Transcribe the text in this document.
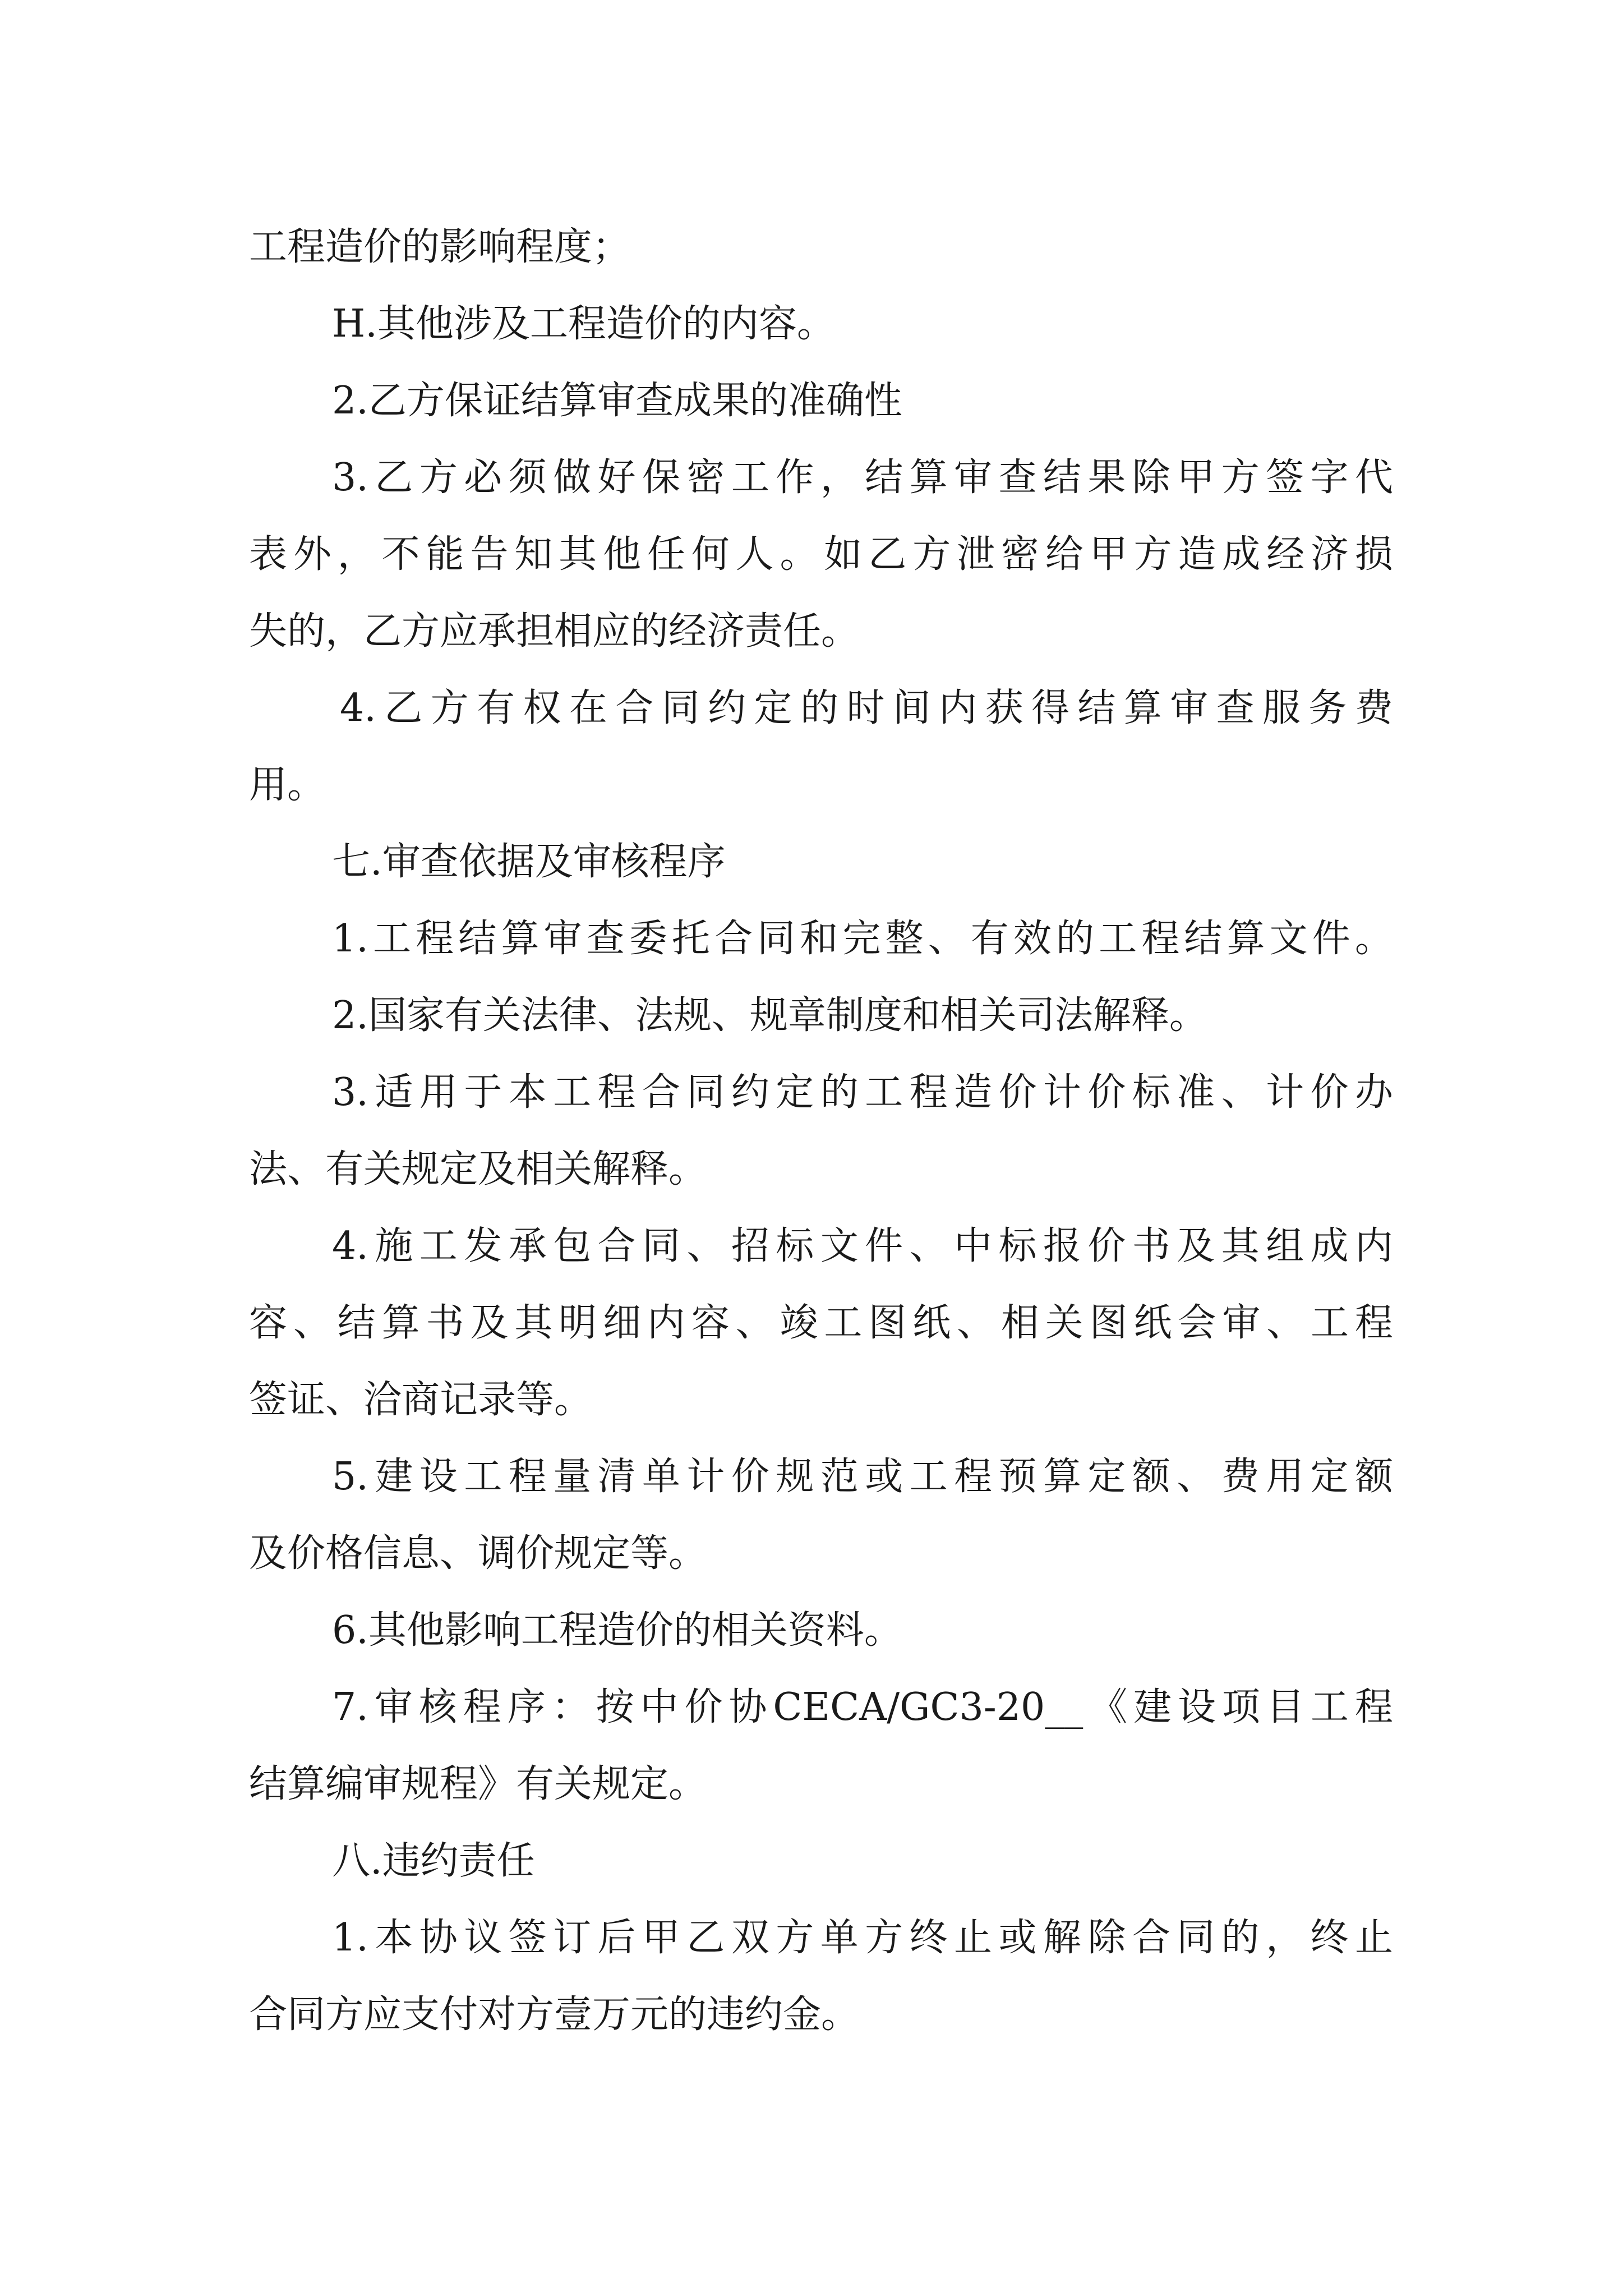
工程造价的影响程度；
H.其他涉及工程造价的内容。
2.乙方保证结算审查成果的准确性
3. 乙 方 必 须 做 好 保 密 工 作 ， 结 算 审 查 结 果 除 甲 方 签 字 代
表 外 ， 不 能 告 知 其 他 任 何 人 。 如 乙 方 泄 密 给 甲 方 造 成 经 济 损
失的，乙方应承担相应的经济责任。
4. 乙 方 有 权 在 合 同 约 定 的 时 间 内 获 得 结 算 审 查 服 务 费
用。
七.审查依据及审核程序
1. 工 程 结 算 审 查 委 托 合 同 和 完 整 、 有 效 的 工 程 结 算 文 件 。
2.国家有关法律、法规、规章制度和相关司法解释。
3. 适 用 于 本 工 程 合 同 约 定 的 工 程 造 价 计 价 标 准 、 计 价 办
法、有关规定及相关解释。
4. 施 工 发 承 包 合 同 、 招 标 文 件 、 中 标 报 价 书 及 其 组 成 内
容 、 结 算 书 及 其 明 细 内 容 、 竣 工 图 纸 、 相 关 图 纸 会 审 、 工 程
签证、洽商记录等。
5. 建 设 工 程 量 清 单 计 价 规 范 或 工 程 预 算 定 额 、 费 用 定 额
及价格信息、调价规定等。
6.其他影响工程造价的相关资料。
7. 审 核 程 序 ： 按 中 价 协 CECA/GC3-20__ 《 建 设 项 目 工 程
结算编审规程》有关规定。
八.违约责任
1. 本 协 议 签 订 后 甲 乙 双 方 单 方 终 止 或 解 除 合 同 的 ， 终 止
合同方应支付对方壹万元的违约金。
